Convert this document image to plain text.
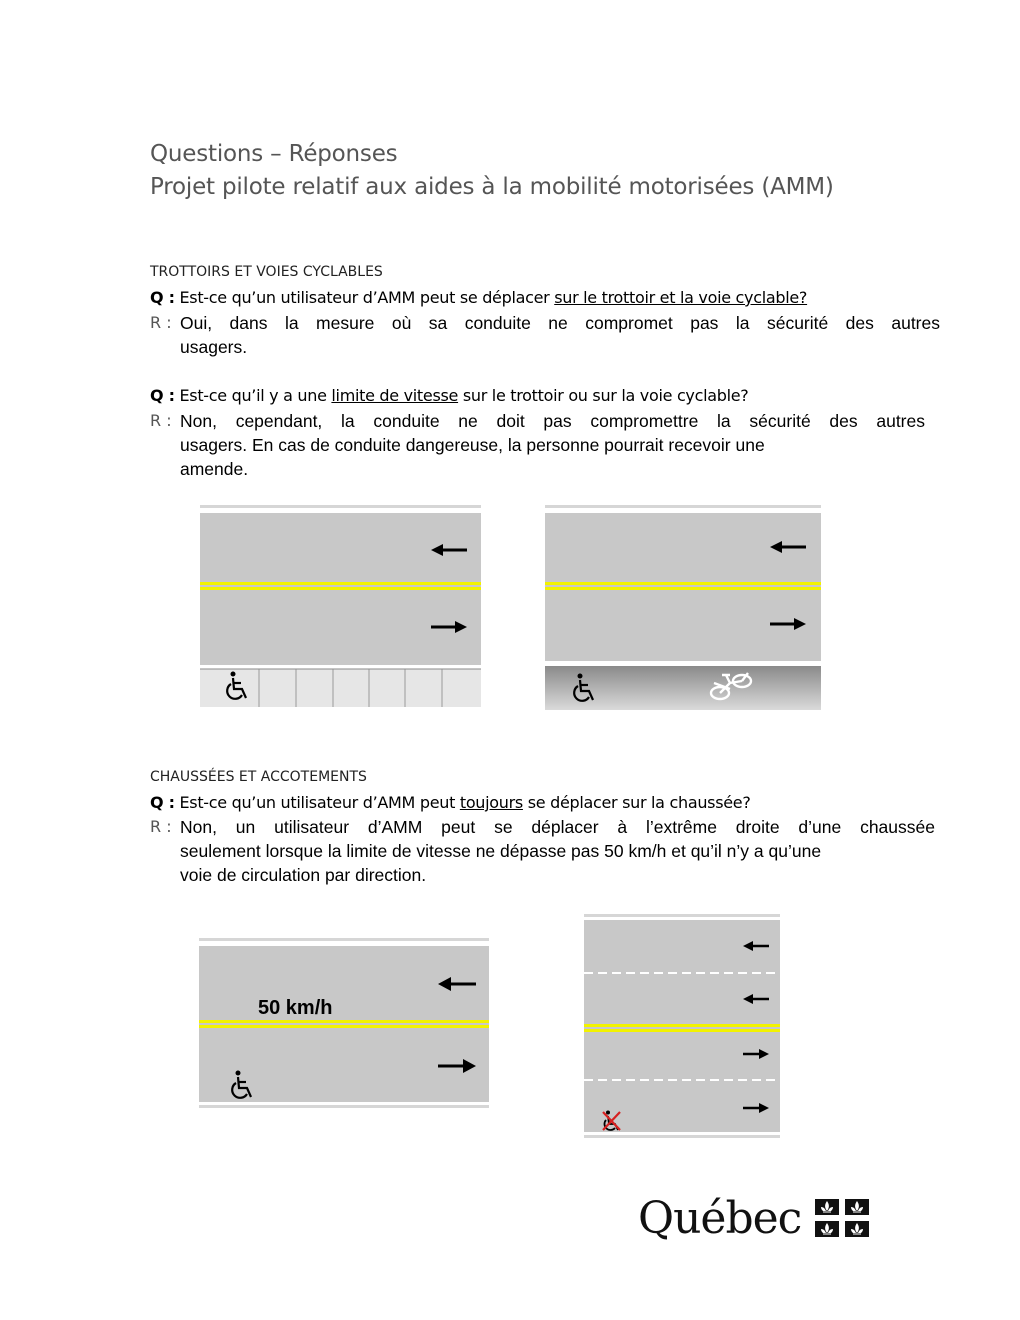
Questions – Réponses
Projet pilote relatif aux aides à la mobilité motorisées (AMM)
TROTTOIRS ET VOIES CYCLABLES
Q : Est-ce qu’un utilisateur d’AMM peut se déplacer sur le trottoir et la voie cyclable?
R : Oui, dans la mesure où sa conduite ne compromet pas la sécurité des autres
usagers.
Q : Est-ce qu’il y a une limite de vitesse sur le trottoir ou sur la voie cyclable?
R : Non, cependant, la conduite ne doit pas compromettre la sécurité des autres
usagers. En cas de conduite dangereuse, la personne pourrait recevoir une
amende.
CHAUSSÉES ET ACCOTEMENTS
Q : Est-ce qu’un utilisateur d’AMM peut toujours se déplacer sur la chaussée?
R : Non, un utilisateur d’AMM peut se déplacer à l’extrême droite d’une chaussée
seulement lorsque la limite de vitesse ne dépasse pas 50 km/h et qu’il n’y a qu’une
voie de circulation par direction.
50 km/h
Québec
